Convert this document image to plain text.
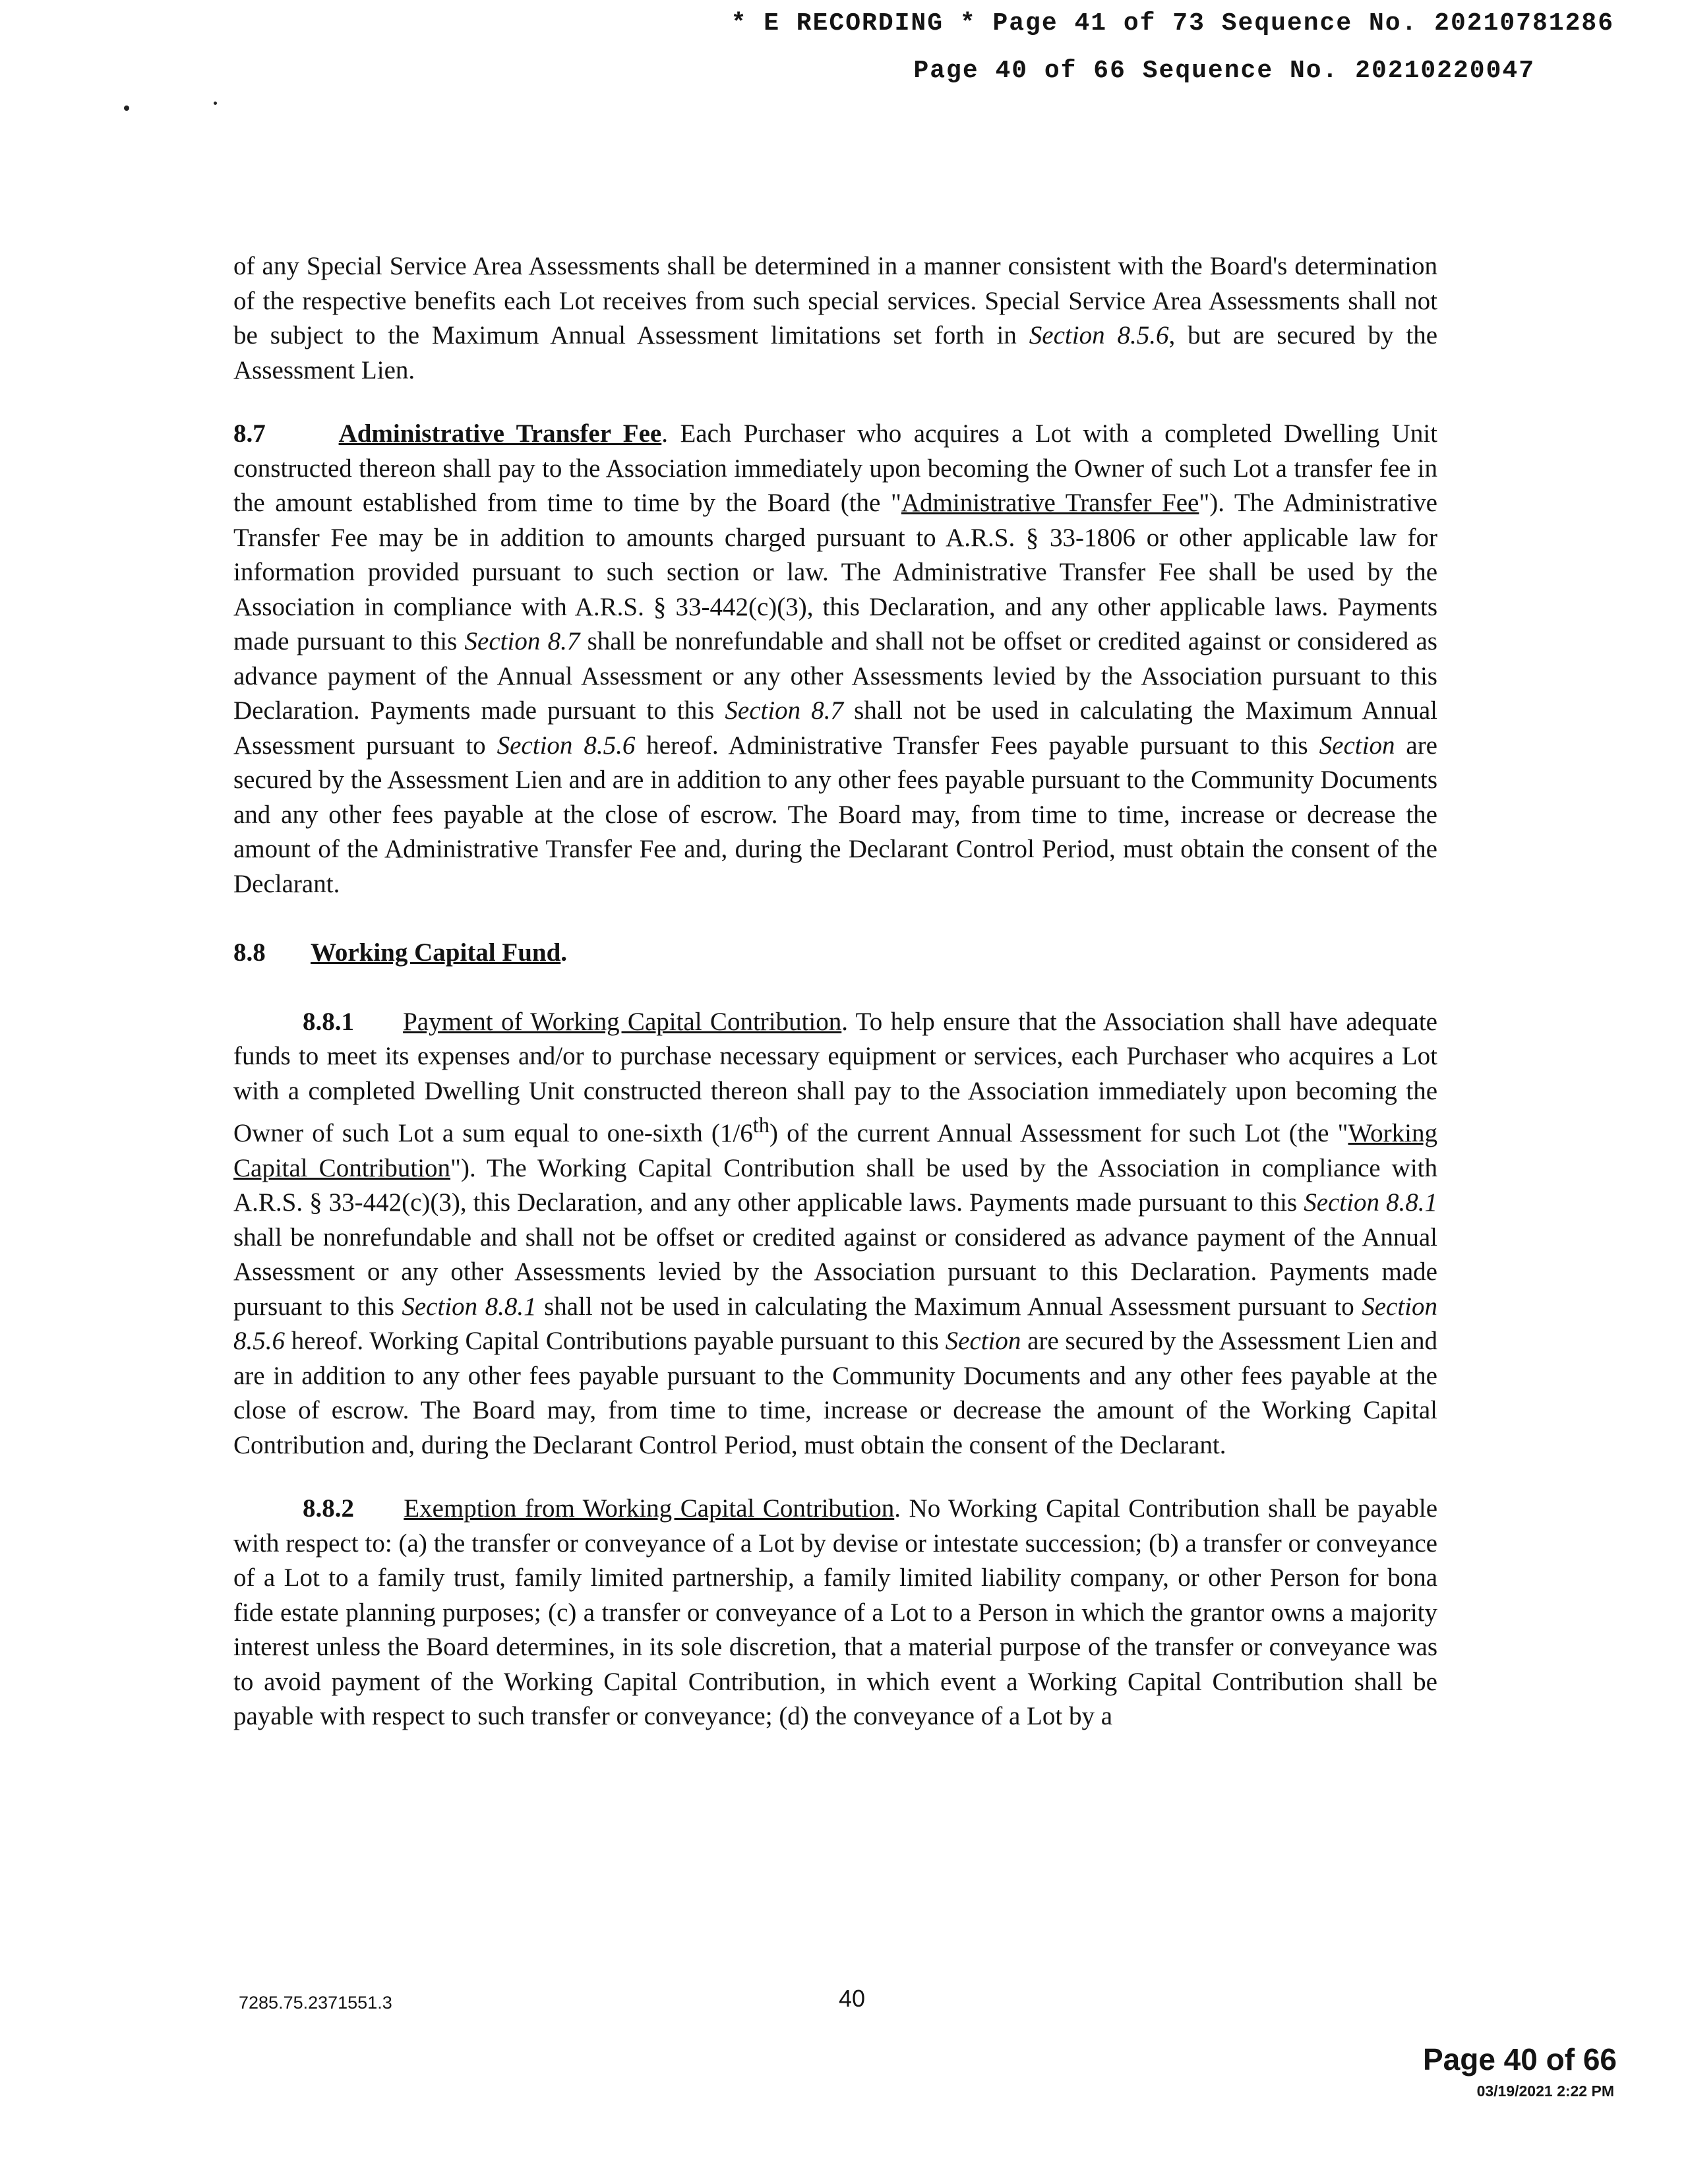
* E RECORDING * Page 41 of 73 Sequence No. 20210781286
Page 40 of 66 Sequence No. 20210220047

of any Special Service Area Assessments shall be determined in a manner consistent with the Board's determination of the respective benefits each Lot receives from such special services. Special Service Area Assessments shall not be subject to the Maximum Annual Assessment limitations set forth in Section 8.5.6, but are secured by the Assessment Lien.

8.7	Administrative Transfer Fee. Each Purchaser who acquires a Lot with a completed Dwelling Unit constructed thereon shall pay to the Association immediately upon becoming the Owner of such Lot a transfer fee in the amount established from time to time by the Board (the "Administrative Transfer Fee"). The Administrative Transfer Fee may be in addition to amounts charged pursuant to A.R.S. § 33-1806 or other applicable law for information provided pursuant to such section or law. The Administrative Transfer Fee shall be used by the Association in compliance with A.R.S. § 33-442(c)(3), this Declaration, and any other applicable laws. Payments made pursuant to this Section 8.7 shall be nonrefundable and shall not be offset or credited against or considered as advance payment of the Annual Assessment or any other Assessments levied by the Association pursuant to this Declaration. Payments made pursuant to this Section 8.7 shall not be used in calculating the Maximum Annual Assessment pursuant to Section 8.5.6 hereof. Administrative Transfer Fees payable pursuant to this Section are secured by the Assessment Lien and are in addition to any other fees payable pursuant to the Community Documents and any other fees payable at the close of escrow. The Board may, from time to time, increase or decrease the amount of the Administrative Transfer Fee and, during the Declarant Control Period, must obtain the consent of the Declarant.

8.8 Working Capital Fund.

8.8.1 Payment of Working Capital Contribution. To help ensure that the Association shall have adequate funds to meet its expenses and/or to purchase necessary equipment or services, each Purchaser who acquires a Lot with a completed Dwelling Unit constructed thereon shall pay to the Association immediately upon becoming the Owner of such Lot a sum equal to one-sixth (1/6th) of the current Annual Assessment for such Lot (the "Working Capital Contribution"). The Working Capital Contribution shall be used by the Association in compliance with A.R.S. § 33-442(c)(3), this Declaration, and any other applicable laws. Payments made pursuant to this Section 8.8.1 shall be nonrefundable and shall not be offset or credited against or considered as advance payment of the Annual Assessment or any other Assessments levied by the Association pursuant to this Declaration. Payments made pursuant to this Section 8.8.1 shall not be used in calculating the Maximum Annual Assessment pursuant to Section 8.5.6 hereof. Working Capital Contributions payable pursuant to this Section are secured by the Assessment Lien and are in addition to any other fees payable pursuant to the Community Documents and any other fees payable at the close of escrow. The Board may, from time to time, increase or decrease the amount of the Working Capital Contribution and, during the Declarant Control Period, must obtain the consent of the Declarant.

8.8.2 Exemption from Working Capital Contribution. No Working Capital Contribution shall be payable with respect to: (a) the transfer or conveyance of a Lot by devise or intestate succession; (b) a transfer or conveyance of a Lot to a family trust, family limited partnership, a family limited liability company, or other Person for bona fide estate planning purposes; (c) a transfer or conveyance of a Lot to a Person in which the grantor owns a majority interest unless the Board determines, in its sole discretion, that a material purpose of the transfer or conveyance was to avoid payment of the Working Capital Contribution, in which event a Working Capital Contribution shall be payable with respect to such transfer or conveyance; (d) the conveyance of a Lot by a

7285.75.2371551.3	40
Page 40 of 66
03/19/2021 2:22 PM
